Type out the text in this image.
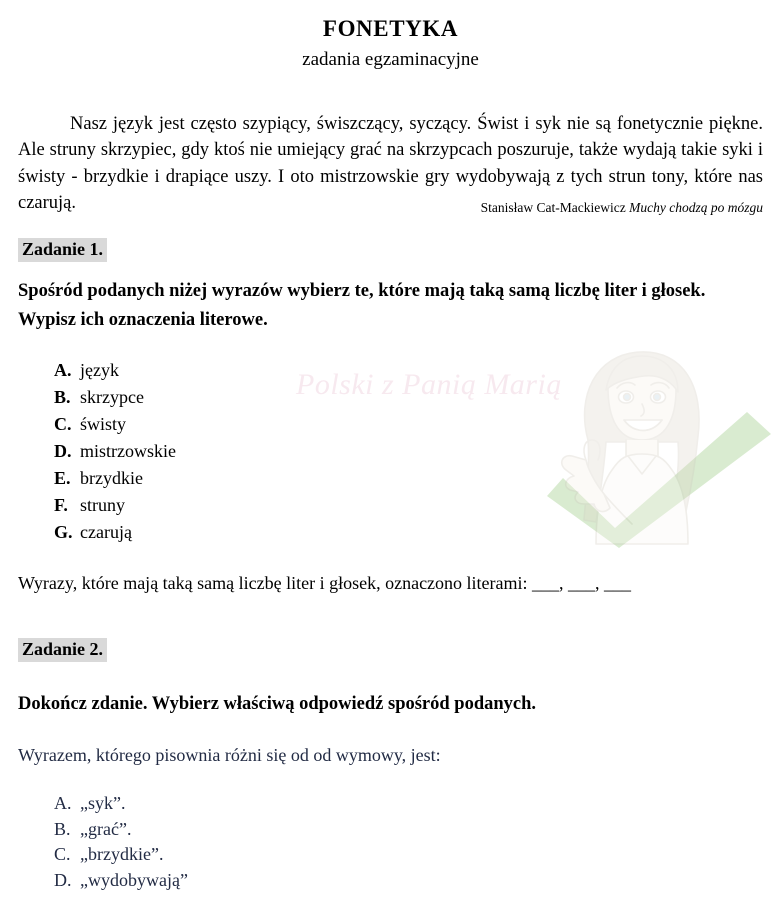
Polski z Panią Marią
FONETYKA
zadania egzaminacyjne

Nasz język jest często szypiący, świszczący, syczący. Świst i syk nie są fonetycznie piękne. Ale struny skrzypiec, gdy ktoś nie umiejący grać na skrzypcach poszuruje, także wydają takie syki i świsty - brzydkie i drapiące uszy. I oto mistrzowskie gry wydobywają z tych strun tony, które nas czarują.	Stanisław Cat-Mackiewicz Muchy chodzą po mózgu
Zadanie 1.
Spośród podanych niżej wyrazów wybierz te, które mają taką samą liczbę liter i głosek. Wypisz ich oznaczenia literowe.
A. język
B. skrzypce
C. świsty
D. mistrzowskie
E. brzydkie
F. struny
G. czarują
Wyrazy, które mają taką samą liczbę liter i głosek, oznaczono literami: ___, ___, ___
Zadanie 2.
Dokończ zdanie. Wybierz właściwą odpowiedź spośród podanych.
Wyrazem, którego pisownia różni się od od wymowy, jest:
A. „syk”.
B. „grać”.
C. „brzydkie”.
D. „wydobywają”
